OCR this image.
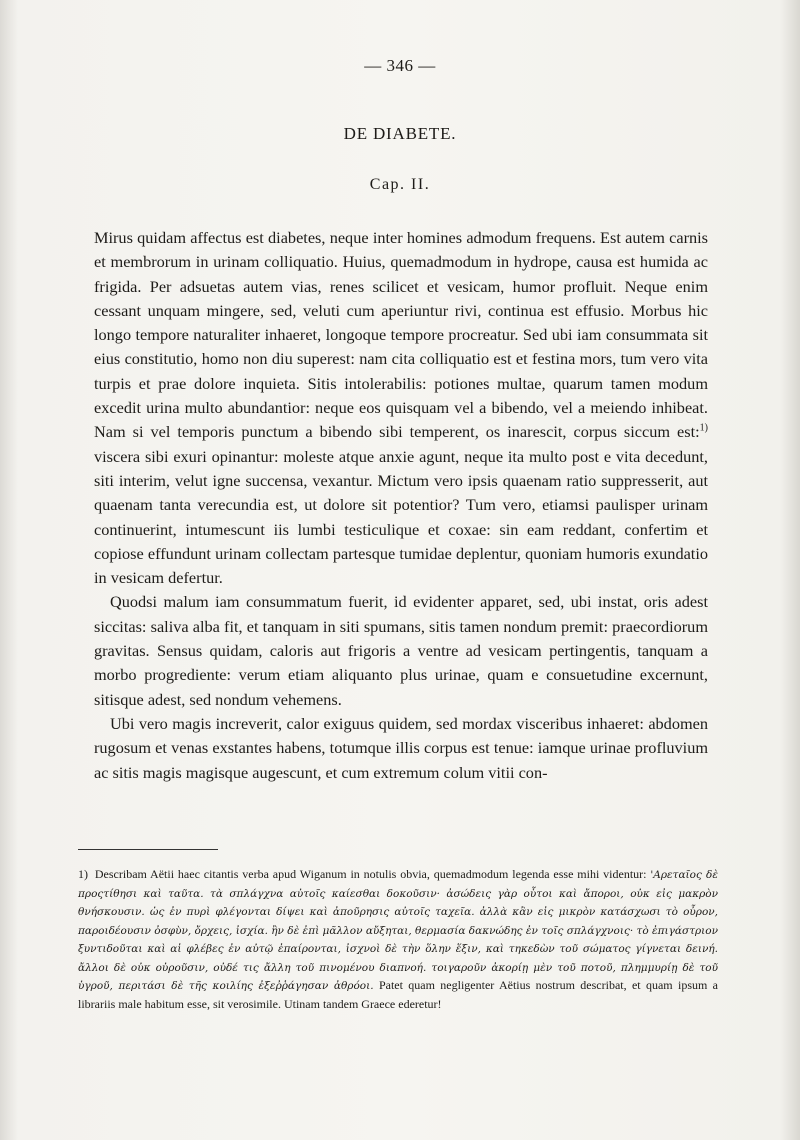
— 346 —
DE DIABETE.
Cap. II.

Mirus quidam affectus est diabetes, neque inter homines admodum frequens. Est autem carnis et membrorum in urinam colliquatio. Huius, quemadmodum in hydrope, causa est humida ac frigida. Per adsuetas autem vias, renes scilicet et vesicam, humor profluit. Neque enim cessant unquam mingere, sed, veluti cum aperiuntur rivi, continua est effusio. Morbus hic longo tempore naturaliter inhaeret, longoque tempore procreatur. Sed ubi iam consummata sit eius constitutio, homo non diu superest: nam cita colliquatio est et festina mors, tum vero vita turpis et prae dolore inquieta. Sitis intolerabilis: potiones multae, quarum tamen modum excedit urina multo abundantior: neque eos quisquam vel a bibendo, vel a meiendo inhibeat. Nam si vel temporis punctum a bibendo sibi temperent, os inarescit, corpus siccum est:$^{1)}$ viscera sibi exuri opinantur: moleste atque anxie agunt, neque ita multo post e vita decedunt, siti interim, velut igne succensa, vexantur. Mictum vero ipsis quaenam ratio suppresserit, aut quaenam tanta verecundia est, ut dolore sit potentior? Tum vero, etiamsi paulisper urinam continuerint, intumescunt iis lumbi testiculique et coxae: sin eam reddant, confertim et copiose effundunt urinam collectam partesque tumidae deplentur, quoniam humoris exundatio in vesicam defertur.

Quodsi malum iam consummatum fuerit, id evidenter apparet, sed, ubi instat, oris adest siccitas: saliva alba fit, et tanquam in siti spumans, sitis tamen nondum premit: praecordiorum gravitas. Sensus quidam, caloris aut frigoris a ventre ad vesicam pertingentis, tanquam a morbo progrediente: verum etiam aliquanto plus urinae, quam e consuetudine excernunt, sitisque adest, sed nondum vehemens.

Ubi vero magis increverit, calor exiguus quidem, sed mordax visceribus inhaeret: abdomen rugosum et venas exstantes habens, totumque illis corpus est tenue: iamque urinae profluvium ac sitis magis magisque augescunt, et cum extremum colum vitii con-

1) Describam Aëtii haec citantis verba apud Wiganum in notulis obvia, quemadmodum legenda esse mihi videntur: 'Αρεταῖος δὲ προςτίθησι καὶ ταῦτα. τὰ σπλάγχνα αὐτοῖς καίεσθαι δοκοῦσιν· ἀσώδεις γὰρ οὗτοι καὶ ἄποροι, οὐκ εἰς μακρὸν θνήσκουσιν. ὡς ἐν πυρὶ φλέγονται δίψει καὶ ἀποῦρησις αὐτοῖς ταχεῖα. ἀλλὰ κἂν εἰς μικρὸν κατάσχωσι τὸ οὖρον, παροιδέουσιν ὀσφὺν, ὄρχεις, ἰσχία. ἢν δὲ ἐπὶ μᾶλλον αὔξηται, θερμασία δακνώδης ἐν τοῖς σπλάγχνοις· τὸ ἐπιγάστριον ξυντιδοῦται καὶ αἱ φλέβες ἐν αὐτῷ ἐπαίρονται, ἰσχνοὶ δὲ τὴν ὅλην ἕξιν, καὶ τηκεδὼν τοῦ σώματος γίγνεται δεινή. ἄλλοι δὲ οὐκ οὐροῦσιν, οὐδέ τις ἄλλη τοῦ πινομένου διαπνοή. τοιγαροῦν ἀκορίῃ μὲν τοῦ ποτοῦ, πλημμυρίῃ δὲ τοῦ ὑγροῦ, περιτάσι δὲ τῆς κοιλίης ἐξεῤῥάγησαν ἀθρόοι. Patet quam negligenter Aëtius nostrum describat, et quam ipsum a librariis male habitum esse, sit verosimile. Utinam tandem Graece ederetur!
